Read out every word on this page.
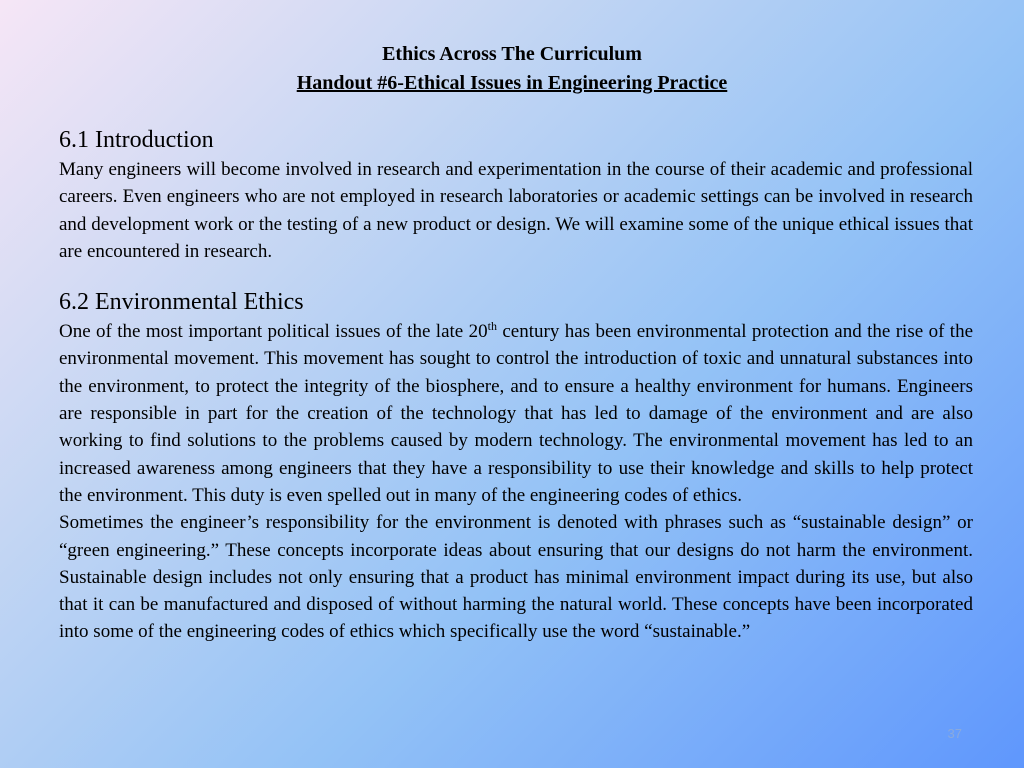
Ethics Across The Curriculum
Handout #6-Ethical Issues in Engineering Practice
6.1 Introduction

Many engineers will become involved in research and experimentation in the course of their academic and professional careers. Even engineers who are not employed in research laboratories or academic settings can be involved in research and development work or the testing of a new product or design. We will examine some of the unique ethical issues that are encountered in research.

6.2 Environmental Ethics

One of the most important political issues of the late 20th century has been environmental protection and the rise of the environmental movement. This movement has sought to control the introduction of toxic and unnatural substances into the environment, to protect the integrity of the biosphere, and to ensure a healthy environment for humans. Engineers are responsible in part for the creation of the technology that has led to damage of the environment and are also working to find solutions to the problems caused by modern technology. The environmental movement has led to an increased awareness among engineers that they have a responsibility to use their knowledge and skills to help protect the environment. This duty is even spelled out in many of the engineering codes of ethics.

Sometimes the engineer’s responsibility for the environment is denoted with phrases such as “sustainable design” or “green engineering.” These concepts incorporate ideas about ensuring that our designs do not harm the environment. Sustainable design includes not only ensuring that a product has minimal environment impact during its use, but also that it can be manufactured and disposed of without harming the natural world. These concepts have been incorporated into some of the engineering codes of ethics which specifically use the word “sustainable.”

37
